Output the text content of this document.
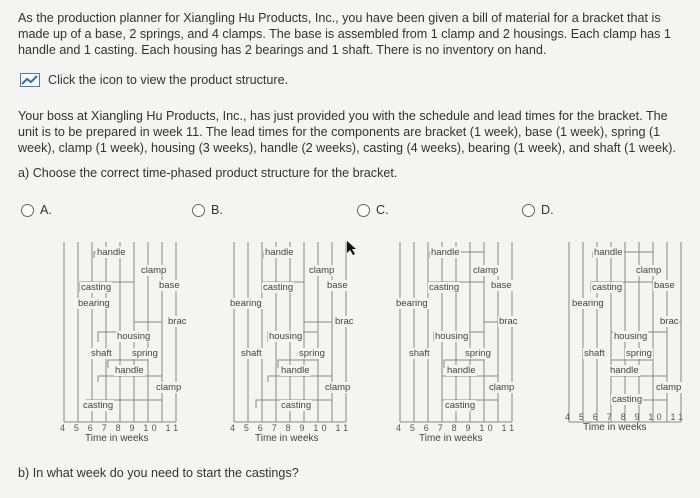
As the production planner for Xiangling Hu Products, Inc., you have been given a bill of material for a bracket that is made up of a base, 2 springs, and 4 clamps. The base is assembled from 1 clamp and 2 housings. Each clamp has 1 handle and 1 casting. Each housing has 2 bearings and 1 shaft. There is no inventory on hand.
Click the icon to view the product structure.
Your boss at Xiangling Hu Products, Inc., has just provided you with the schedule and lead times for the bracket. The unit is to be prepared in week 11. The lead times for the components are bracket (1 week), base (1 week), spring (1 week), clamp (1 week), housing (3 weeks), handle (2 weeks), casting (4 weeks), bearing (1 week), and shaft (1 week).
a) Choose the correct time-phased product structure for the bracket.
A.	B.	C.	D.
handle
clamp
casting	base
bearing
brac
housing
shaft spring
handle
clamp
casting
4 5 6 7 8 9 10 11
Time in weeks
handle
clamp
casting	base
bearing
brac
housing
shaft	spring
handle
clamp
casting
4 5 6 7 8 9 10 11
Time in weeks
handle
clamp
casting	base
bearing
brac
housing
shaft	spring
handle
clamp
casting
4 5 6 7 8 9 10 11
Time in weeks
handle
clamp
casting	base
bearing
brac
housing
shaft spring
handle
clamp
casting
4 5 6 7 8 9 10 11
Time in weeks
b) In what week do you need to start the castings?
